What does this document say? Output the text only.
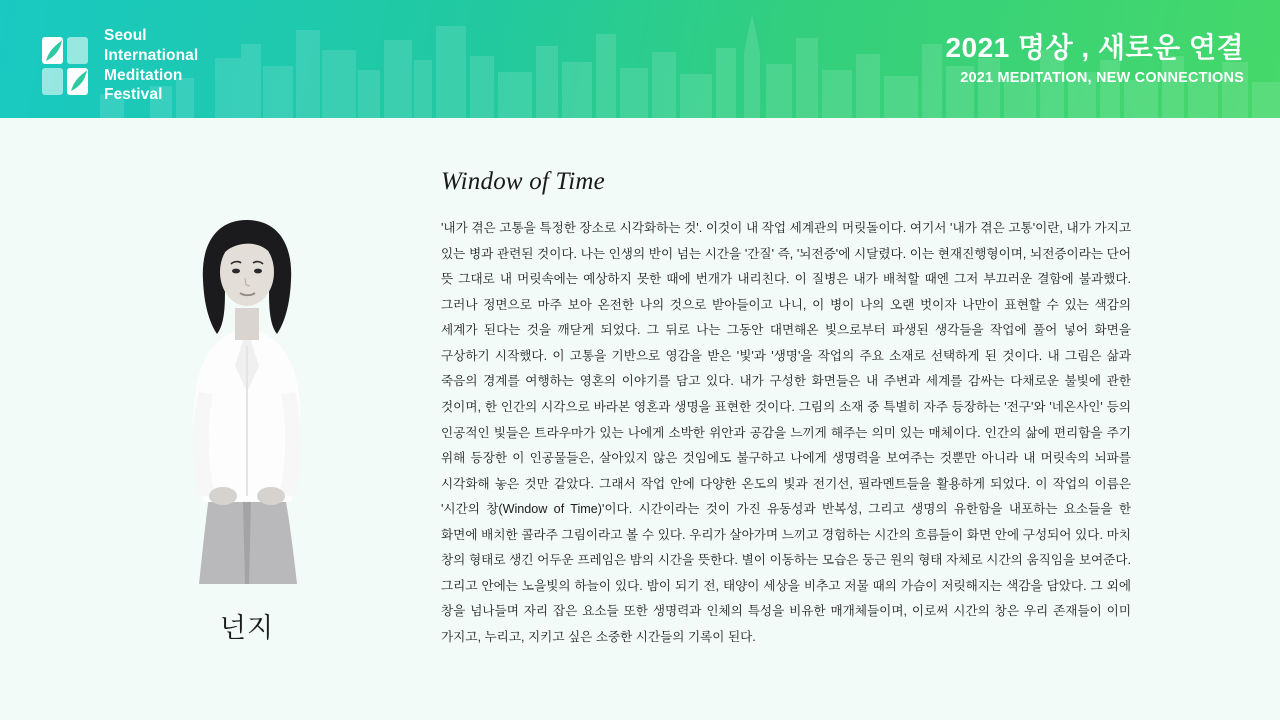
Seoul
International
Meditation
Festival
2021 명상 , 새로운 연결
2021 MEDITATION, NEW CONNECTIONS
넌지
Window of Time

'내가 겪은 고통을 특정한 장소로 시각화하는 것'. 이것이 내 작업 세계관의 머릿돌이다. 여기서 '내가 겪은 고통'이란, 내가 가지고 있는 병과 관련된 것이다. 나는 인생의 반이 넘는 시간을 '간질' 즉, '뇌전증'에 시달렸다. 이는 현재진행형이며, 뇌전증이라는 단어 뜻 그대로 내 머릿속에는 예상하지 못한 때에 번개가 내리친다. 이 질병은 내가 배척할 때엔 그저 부끄러운 결함에 불과했다. 그러나 정면으로 마주 보아 온전한 나의 것으로 받아들이고 나니, 이 병이 나의 오랜 벗이자 나만이 표현할 수 있는 색감의 세계가 된다는 것을 깨닫게 되었다. 그 뒤로 나는 그동안 대면해온 빛으로부터 파생된 생각들을 작업에 풀어 넣어 화면을 구상하기 시작했다. 이 고통을 기반으로 영감을 받은 '빛'과 '생명'을 작업의 주요 소재로 선택하게 된 것이다. 내 그림은 삶과 죽음의 경계를 여행하는 영혼의 이야기를 담고 있다. 내가 구성한 화면들은 내 주변과 세계를 감싸는 다채로운 불빛에 관한 것이며, 한 인간의 시각으로 바라본 영혼과 생명을 표현한 것이다. 그림의 소재 중 특별히 자주 등장하는 '전구'와 '네온사인' 등의 인공적인 빛들은 트라우마가 있는 나에게 소박한 위안과 공감을 느끼게 해주는 의미 있는 매체이다. 인간의 삶에 편리함을 주기 위해 등장한 이 인공물들은, 살아있지 않은 것임에도 불구하고 나에게 생명력을 보여주는 것뿐만 아니라 내 머릿속의 뇌파를 시각화해 놓은 것만 같았다. 그래서 작업 안에 다양한 온도의 빛과 전기선, 필라멘트들을 활용하게 되었다. 이 작업의 이름은 '시간의 창(Window of Time)'이다. 시간이라는 것이 가진 유동성과 반복성, 그리고 생명의 유한함을 내포하는 요소들을 한 화면에 배치한 콜라주 그림이라고 볼 수 있다. 우리가 살아가며 느끼고 경험하는 시간의 흐름들이 화면 안에 구성되어 있다. 마치 창의 형태로 생긴 어두운 프레임은 밤의 시간을 뜻한다. 별이 이동하는 모습은 둥근 원의 형태 자체로 시간의 움직임을 보여준다. 그리고 안에는 노을빛의 하늘이 있다. 밤이 되기 전, 태양이 세상을 비추고 저물 때의 가슴이 저릿해지는 색감을 담았다. 그 외에 창을 넘나들며 자리 잡은 요소들 또한 생명력과 인체의 특성을 비유한 매개체들이며, 이로써 시간의 창은 우리 존재들이 이미 가지고, 누리고, 지키고 싶은 소중한 시간들의 기록이 된다.
